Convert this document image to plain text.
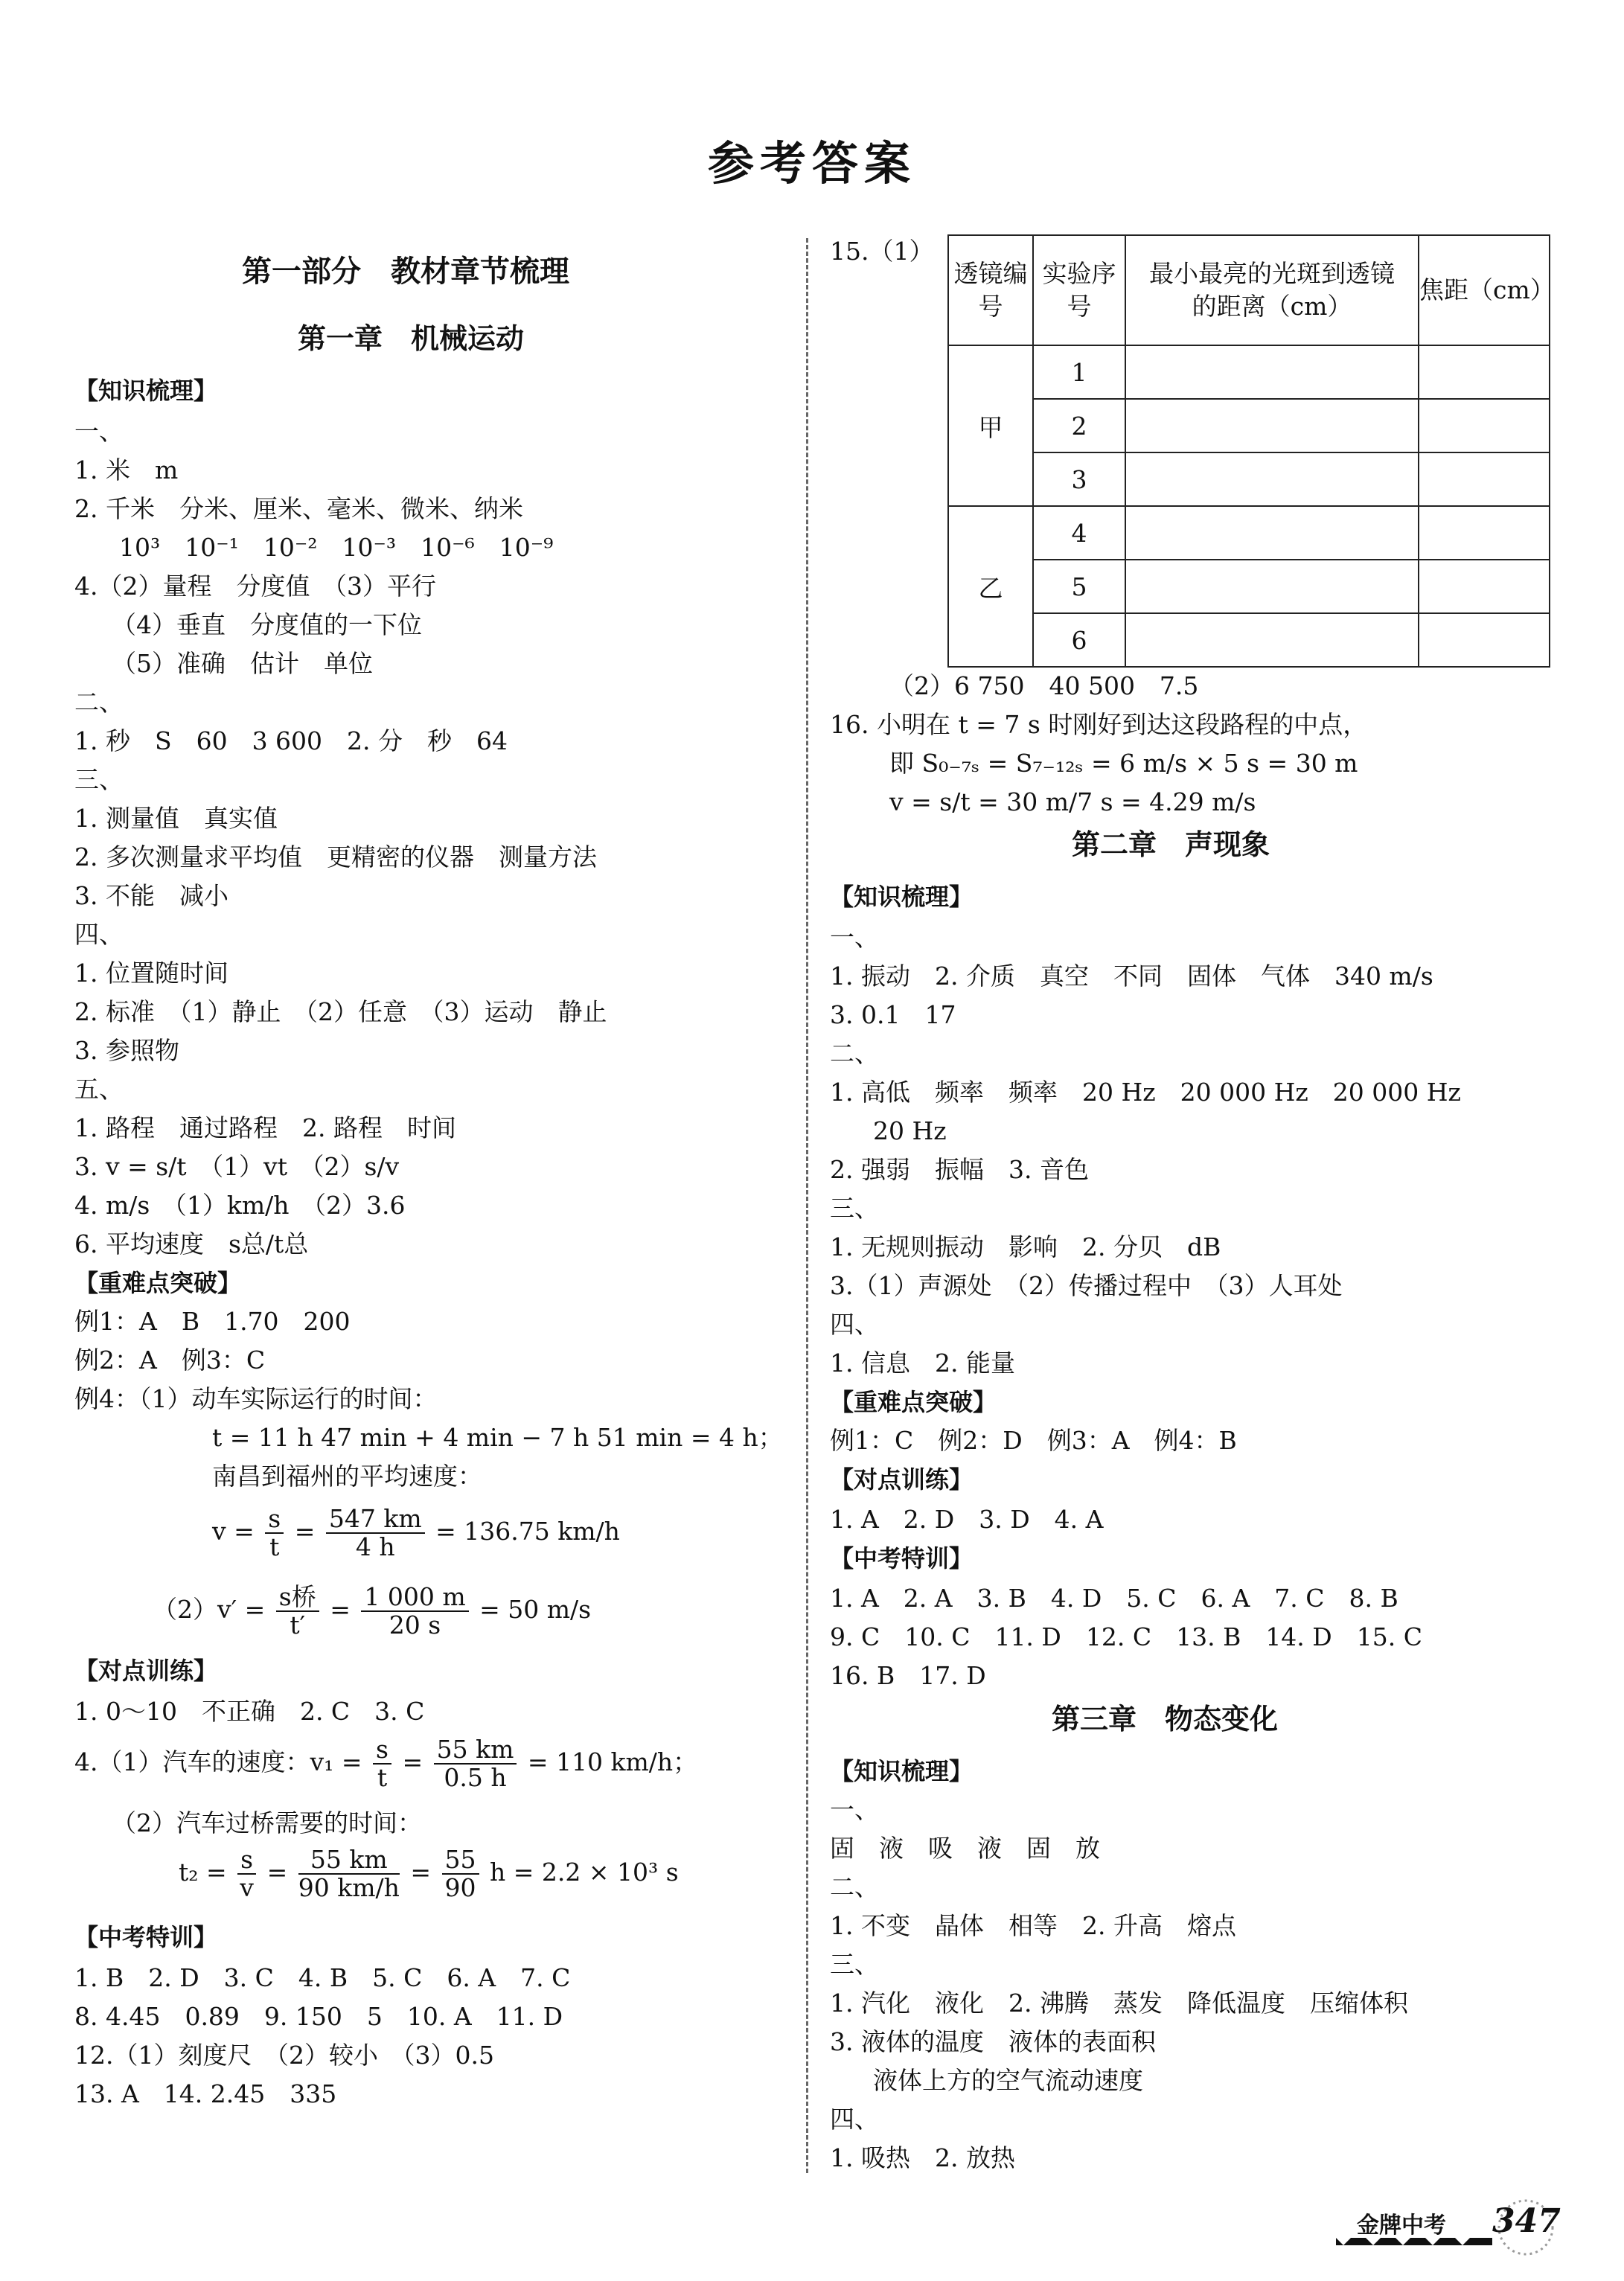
参考答案
第一部分　教材章节梳理
第一章　机械运动
【知识梳理】
一、
1. 米　m
2. 千米　分米、厘米、毫米、微米、纳米
10³　10⁻¹　10⁻²　10⁻³　10⁻⁶　10⁻⁹
4.（2）量程　分度值　（3）平行
（4）垂直　分度值的一下位
（5）准确　估计　单位
二、
1. 秒　S　60　3 600　2. 分　秒　64
三、
1. 测量值　真实值
2. 多次测量求平均值　更精密的仪器　测量方法
3. 不能　减小
四、
1. 位置随时间
2. 标准　（1）静止　（2）任意　（3）运动　静止
3. 参照物
五、
1. 路程　通过路程　2. 路程　时间
3. v = s/t　（1）vt　（2）s/v
4. m/s　（1）km/h　（2）3.6
6. 平均速度　s总/t总
【重难点突破】
例1：A　B　1.70　200
例2：A　例3：C
例4：（1）动车实际运行的时间：
t = 11 h 47 min + 4 min − 7 h 51 min = 4 h；
南昌到福州的平均速度：
$v = \frac{s}{t} = \frac{547 km}{4 h} = 136.75$ km/h
$(2)v' = \frac{\text{s桥}}{t'} = \frac{1 000 m}{20 s} = 50$ m/s
【对点训练】
1. 0～10　不正确　2. C　3. C
4.（1）汽车的速度：$v_1 = \frac{s}{t} = \frac{55 km}{0.5 h} = 110$ km/h；
（2）汽车过桥需要的时间：
$t_2 = \frac{s}{v} = \frac{55 km}{90 km/h} = \frac{55}{90}$ h = 2.2 × 10³ s
【中考特训】
1. B　2. D　3. C　4. B　5. C　6. A　7. C
8. 4.45　0.89　9. 150　5　10. A　11. D
12.（1）刻度尺　（2）较小　（3）0.5
13. A　14. 2.45　335
15.（1）
透镜编号	实验序号	最小最亮的光斑到透镜的距离（cm）	焦距（cm）
甲	1		
	2		
	3		
乙	4		
	5		
	6		
（2）6 750　40 500　7.5
16. 小明在 t = 7 s 时刚好到达这段路程的中点，
即 S₀₋₇ₛ = S₇₋₁₂ₛ = 6 m/s × 5 s = 30 m
v = s/t = 30 m/7 s = 4.29 m/s
第二章　声现象
【知识梳理】
一、
1. 振动　2. 介质　真空　不同　固体　气体　340 m/s
3. 0.1　17
二、
1. 高低　频率　频率　20 Hz　20 000 Hz　20 000 Hz
20 Hz
2. 强弱　振幅　3. 音色
三、
1. 无规则振动　影响　2. 分贝　dB
3.（1）声源处　（2）传播过程中　（3）人耳处
四、
1. 信息　2. 能量
【重难点突破】
例1：C　例2：D　例3：A　例4：B
【对点训练】
1. A　2. D　3. D　4. A
【中考特训】
1. A　2. A　3. B　4. D　5. C　6. A　7. C　8. B
9. C　10. C　11. D　12. C　13. B　14. D　15. C
16. B　17. D
第三章　物态变化
【知识梳理】
一、
固　液　吸　液　固　放
二、
1. 不变　晶体　相等　2. 升高　熔点
三、
1. 汽化　液化　2. 沸腾　蒸发　降低温度　压缩体积
3. 液体的温度　液体的表面积
液体上方的空气流动速度
四、
1. 吸热　2. 放热
金牌中考 347
